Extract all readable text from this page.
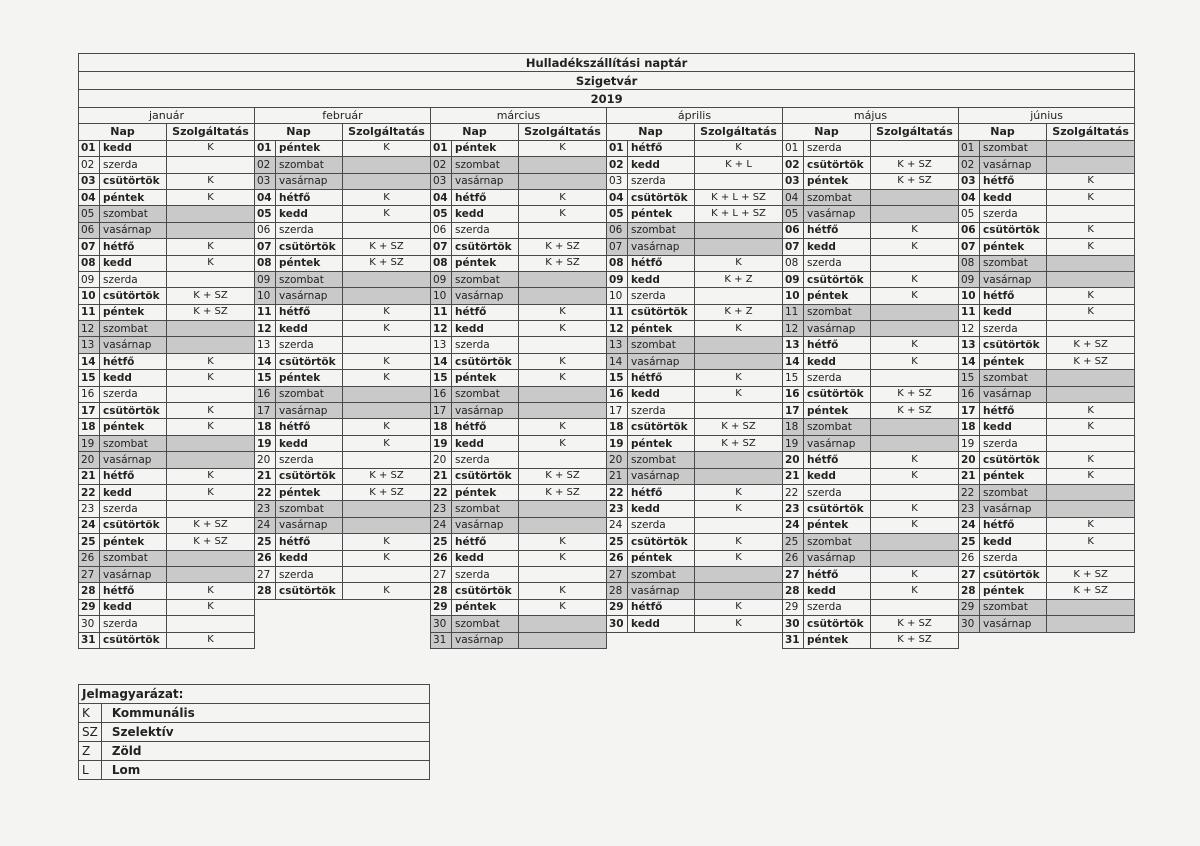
Hulladékszállítási naptár																	
Szigetvár																	
2019																	
január			február			március			április			május			június		
Nap		Szolgáltatás	Nap		Szolgáltatás	Nap		Szolgáltatás	Nap		Szolgáltatás	Nap		Szolgáltatás	Nap		Szolgáltatás
01	kedd	K	01	péntek	K	01	péntek	K	01	hétfő	K	01	szerda		01	szombat	
02	szerda		02	szombat		02	szombat		02	kedd	K + L	02	csütörtök	K + SZ	02	vasárnap	
03	csütörtök	K	03	vasárnap		03	vasárnap		03	szerda		03	péntek	K + SZ	03	hétfő	K
04	péntek	K	04	hétfő	K	04	hétfő	K	04	csütörtök	K + L + SZ	04	szombat		04	kedd	K
05	szombat		05	kedd	K	05	kedd	K	05	péntek	K + L + SZ	05	vasárnap		05	szerda	
06	vasárnap		06	szerda		06	szerda		06	szombat		06	hétfő	K	06	csütörtök	K
07	hétfő	K	07	csütörtök	K + SZ	07	csütörtök	K + SZ	07	vasárnap		07	kedd	K	07	péntek	K
08	kedd	K	08	péntek	K + SZ	08	péntek	K + SZ	08	hétfő	K	08	szerda		08	szombat	
09	szerda		09	szombat		09	szombat		09	kedd	K + Z	09	csütörtök	K	09	vasárnap	
10	csütörtök	K + SZ	10	vasárnap		10	vasárnap		10	szerda		10	péntek	K	10	hétfő	K
11	péntek	K + SZ	11	hétfő	K	11	hétfő	K	11	csütörtök	K + Z	11	szombat		11	kedd	K
12	szombat		12	kedd	K	12	kedd	K	12	péntek	K	12	vasárnap		12	szerda	
13	vasárnap		13	szerda		13	szerda		13	szombat		13	hétfő	K	13	csütörtök	K + SZ
14	hétfő	K	14	csütörtök	K	14	csütörtök	K	14	vasárnap		14	kedd	K	14	péntek	K + SZ
15	kedd	K	15	péntek	K	15	péntek	K	15	hétfő	K	15	szerda		15	szombat	
16	szerda		16	szombat		16	szombat		16	kedd	K	16	csütörtök	K + SZ	16	vasárnap	
17	csütörtök	K	17	vasárnap		17	vasárnap		17	szerda		17	péntek	K + SZ	17	hétfő	K
18	péntek	K	18	hétfő	K	18	hétfő	K	18	csütörtök	K + SZ	18	szombat		18	kedd	K
19	szombat		19	kedd	K	19	kedd	K	19	péntek	K + SZ	19	vasárnap		19	szerda	
20	vasárnap		20	szerda		20	szerda		20	szombat		20	hétfő	K	20	csütörtök	K
21	hétfő	K	21	csütörtök	K + SZ	21	csütörtök	K + SZ	21	vasárnap		21	kedd	K	21	péntek	K
22	kedd	K	22	péntek	K + SZ	22	péntek	K + SZ	22	hétfő	K	22	szerda		22	szombat	
23	szerda		23	szombat		23	szombat		23	kedd	K	23	csütörtök	K	23	vasárnap	
24	csütörtök	K + SZ	24	vasárnap		24	vasárnap		24	szerda		24	péntek	K	24	hétfő	K
25	péntek	K + SZ	25	hétfő	K	25	hétfő	K	25	csütörtök	K	25	szombat		25	kedd	K
26	szombat		26	kedd	K	26	kedd	K	26	péntek	K	26	vasárnap		26	szerda	
27	vasárnap		27	szerda		27	szerda		27	szombat		27	hétfő	K	27	csütörtök	K + SZ
28	hétfő	K	28	csütörtök	K	28	csütörtök	K	28	vasárnap		28	kedd	K	28	péntek	K + SZ
29	kedd	K				29	péntek	K	29	hétfő	K	29	szerda		29	szombat	
30	szerda					30	szombat		30	kedd	K	30	csütörtök	K + SZ	30	vasárnap	
31	csütörtök	K				31	vasárnap					31	péntek	K + SZ			
Jelmagyarázat:	
K	Kommunális
SZ	Szelektív
Z	Zöld
L	Lom
